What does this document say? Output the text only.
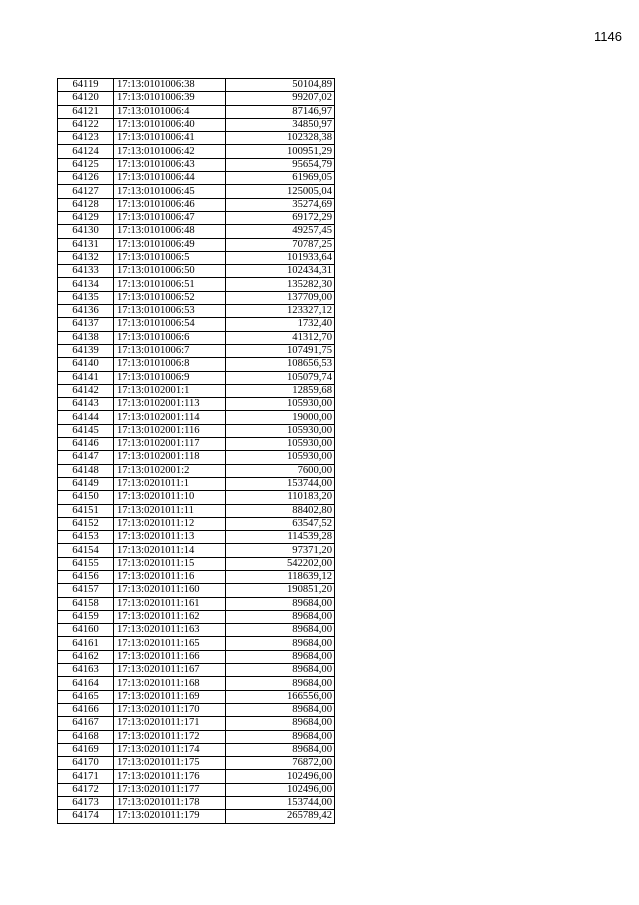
1146
64119	17:13:0101006:38	50104,89
64120	17:13:0101006:39	99207,02
64121	17:13:0101006:4	87146,97
64122	17:13:0101006:40	34850,97
64123	17:13:0101006:41	102328,38
64124	17:13:0101006:42	100951,29
64125	17:13:0101006:43	95654,79
64126	17:13:0101006:44	61969,05
64127	17:13:0101006:45	125005,04
64128	17:13:0101006:46	35274,69
64129	17:13:0101006:47	69172,29
64130	17:13:0101006:48	49257,45
64131	17:13:0101006:49	70787,25
64132	17:13:0101006:5	101933,64
64133	17:13:0101006:50	102434,31
64134	17:13:0101006:51	135282,30
64135	17:13:0101006:52	137709,00
64136	17:13:0101006:53	123327,12
64137	17:13:0101006:54	1732,40
64138	17:13:0101006:6	41312,70
64139	17:13:0101006:7	107491,75
64140	17:13:0101006:8	108656,53
64141	17:13:0101006:9	105079,74
64142	17:13:0102001:1	12859,68
64143	17:13:0102001:113	105930,00
64144	17:13:0102001:114	19000,00
64145	17:13:0102001:116	105930,00
64146	17:13:0102001:117	105930,00
64147	17:13:0102001:118	105930,00
64148	17:13:0102001:2	7600,00
64149	17:13:0201011:1	153744,00
64150	17:13:0201011:10	110183,20
64151	17:13:0201011:11	88402,80
64152	17:13:0201011:12	63547,52
64153	17:13:0201011:13	114539,28
64154	17:13:0201011:14	97371,20
64155	17:13:0201011:15	542202,00
64156	17:13:0201011:16	118639,12
64157	17:13:0201011:160	190851,20
64158	17:13:0201011:161	89684,00
64159	17:13:0201011:162	89684,00
64160	17:13:0201011:163	89684,00
64161	17:13:0201011:165	89684,00
64162	17:13:0201011:166	89684,00
64163	17:13:0201011:167	89684,00
64164	17:13:0201011:168	89684,00
64165	17:13:0201011:169	166556,00
64166	17:13:0201011:170	89684,00
64167	17:13:0201011:171	89684,00
64168	17:13:0201011:172	89684,00
64169	17:13:0201011:174	89684,00
64170	17:13:0201011:175	76872,00
64171	17:13:0201011:176	102496,00
64172	17:13:0201011:177	102496,00
64173	17:13:0201011:178	153744,00
64174	17:13:0201011:179	265789,42
